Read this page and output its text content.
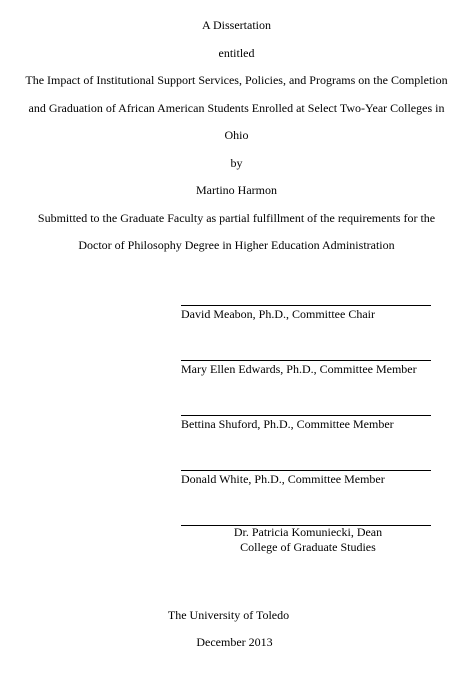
A Dissertation
entitled
The Impact of Institutional Support Services, Policies, and Programs on the Completion
and Graduation of African American Students Enrolled at Select Two-Year Colleges in
Ohio
by
Martino Harmon
Submitted to the Graduate Faculty as partial fulfillment of the requirements for the
Doctor of Philosophy Degree in Higher Education Administration
David Meabon, Ph.D., Committee Chair
Mary Ellen Edwards, Ph.D., Committee Member
Bettina Shuford, Ph.D., Committee Member
Donald White, Ph.D., Committee Member
Dr. Patricia Komuniecki, Dean
College of Graduate Studies
The University of Toledo
December 2013
